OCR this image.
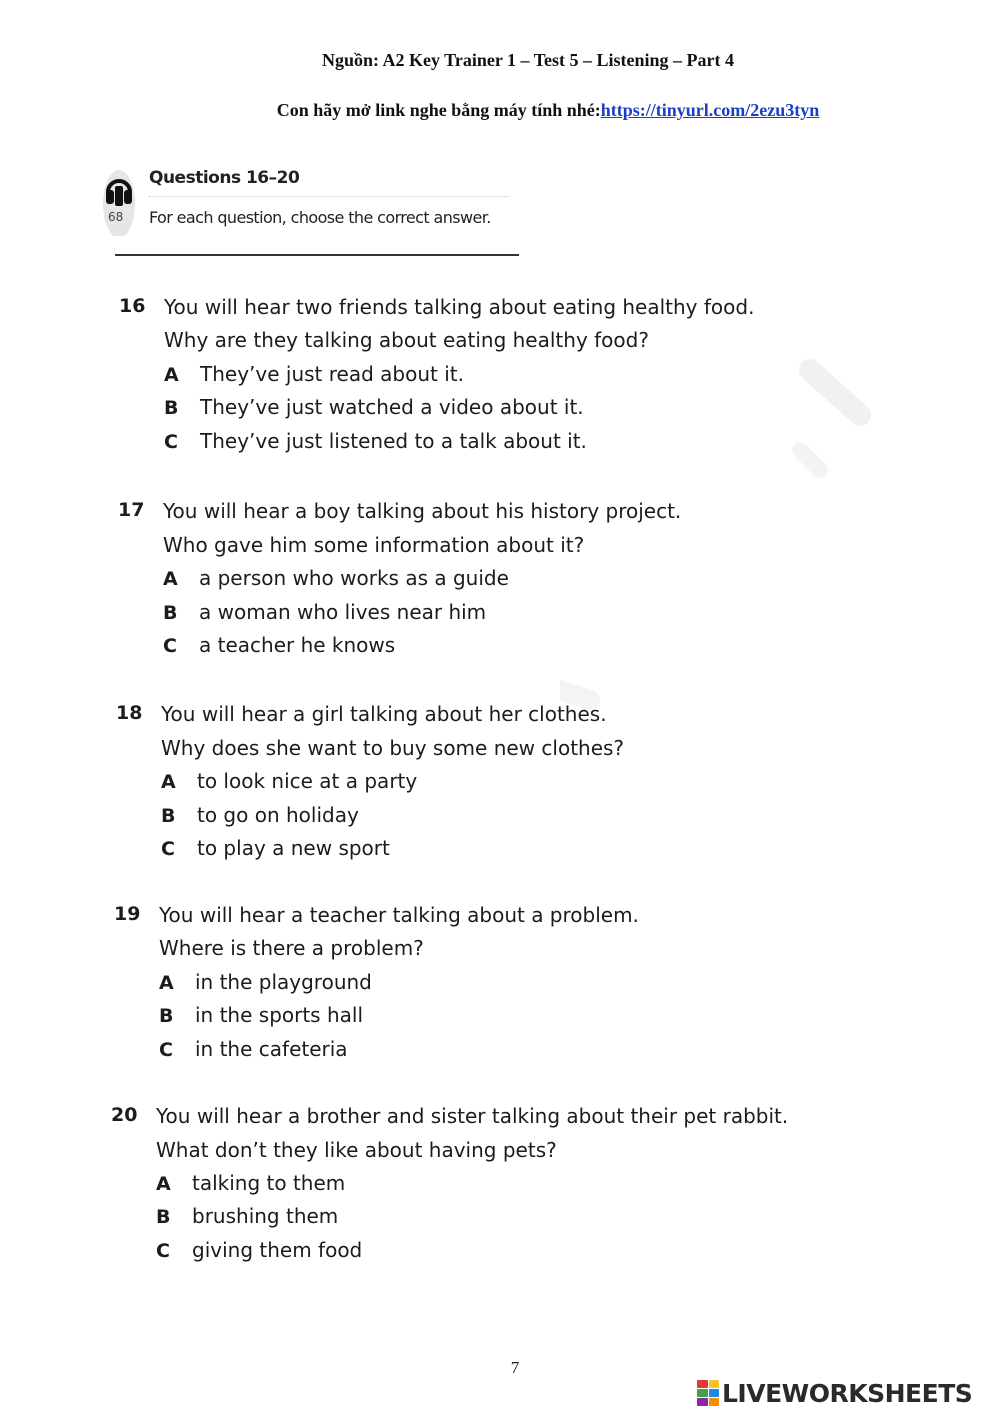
Nguồn: A2 Key Trainer 1 – Test 5 – Listening – Part 4
Con hãy mở link nghe bằng máy tính nhé:https://tinyurl.com/2ezu3tyn
68
Questions 16–20
For each question, choose the correct answer.
16 You will hear two friends talking about eating healthy food.
Why are they talking about eating healthy food?
A They’ve just read about it.
B They’ve just watched a video about it.
C They’ve just listened to a talk about it.
17 You will hear a boy talking about his history project.
Who gave him some information about it?
A a person who works as a guide
B a woman who lives near him
C a teacher he knows
18 You will hear a girl talking about her clothes.
Why does she want to buy some new clothes?
A to look nice at a party
B to go on holiday
C to play a new sport
19 You will hear a teacher talking about a problem.
Where is there a problem?
A in the playground
B in the sports hall
C in the cafeteria
20 You will hear a brother and sister talking about their pet rabbit.
What don’t they like about having pets?
A talking to them
B brushing them
C giving them food
7
LIVEWORKSHEETS
